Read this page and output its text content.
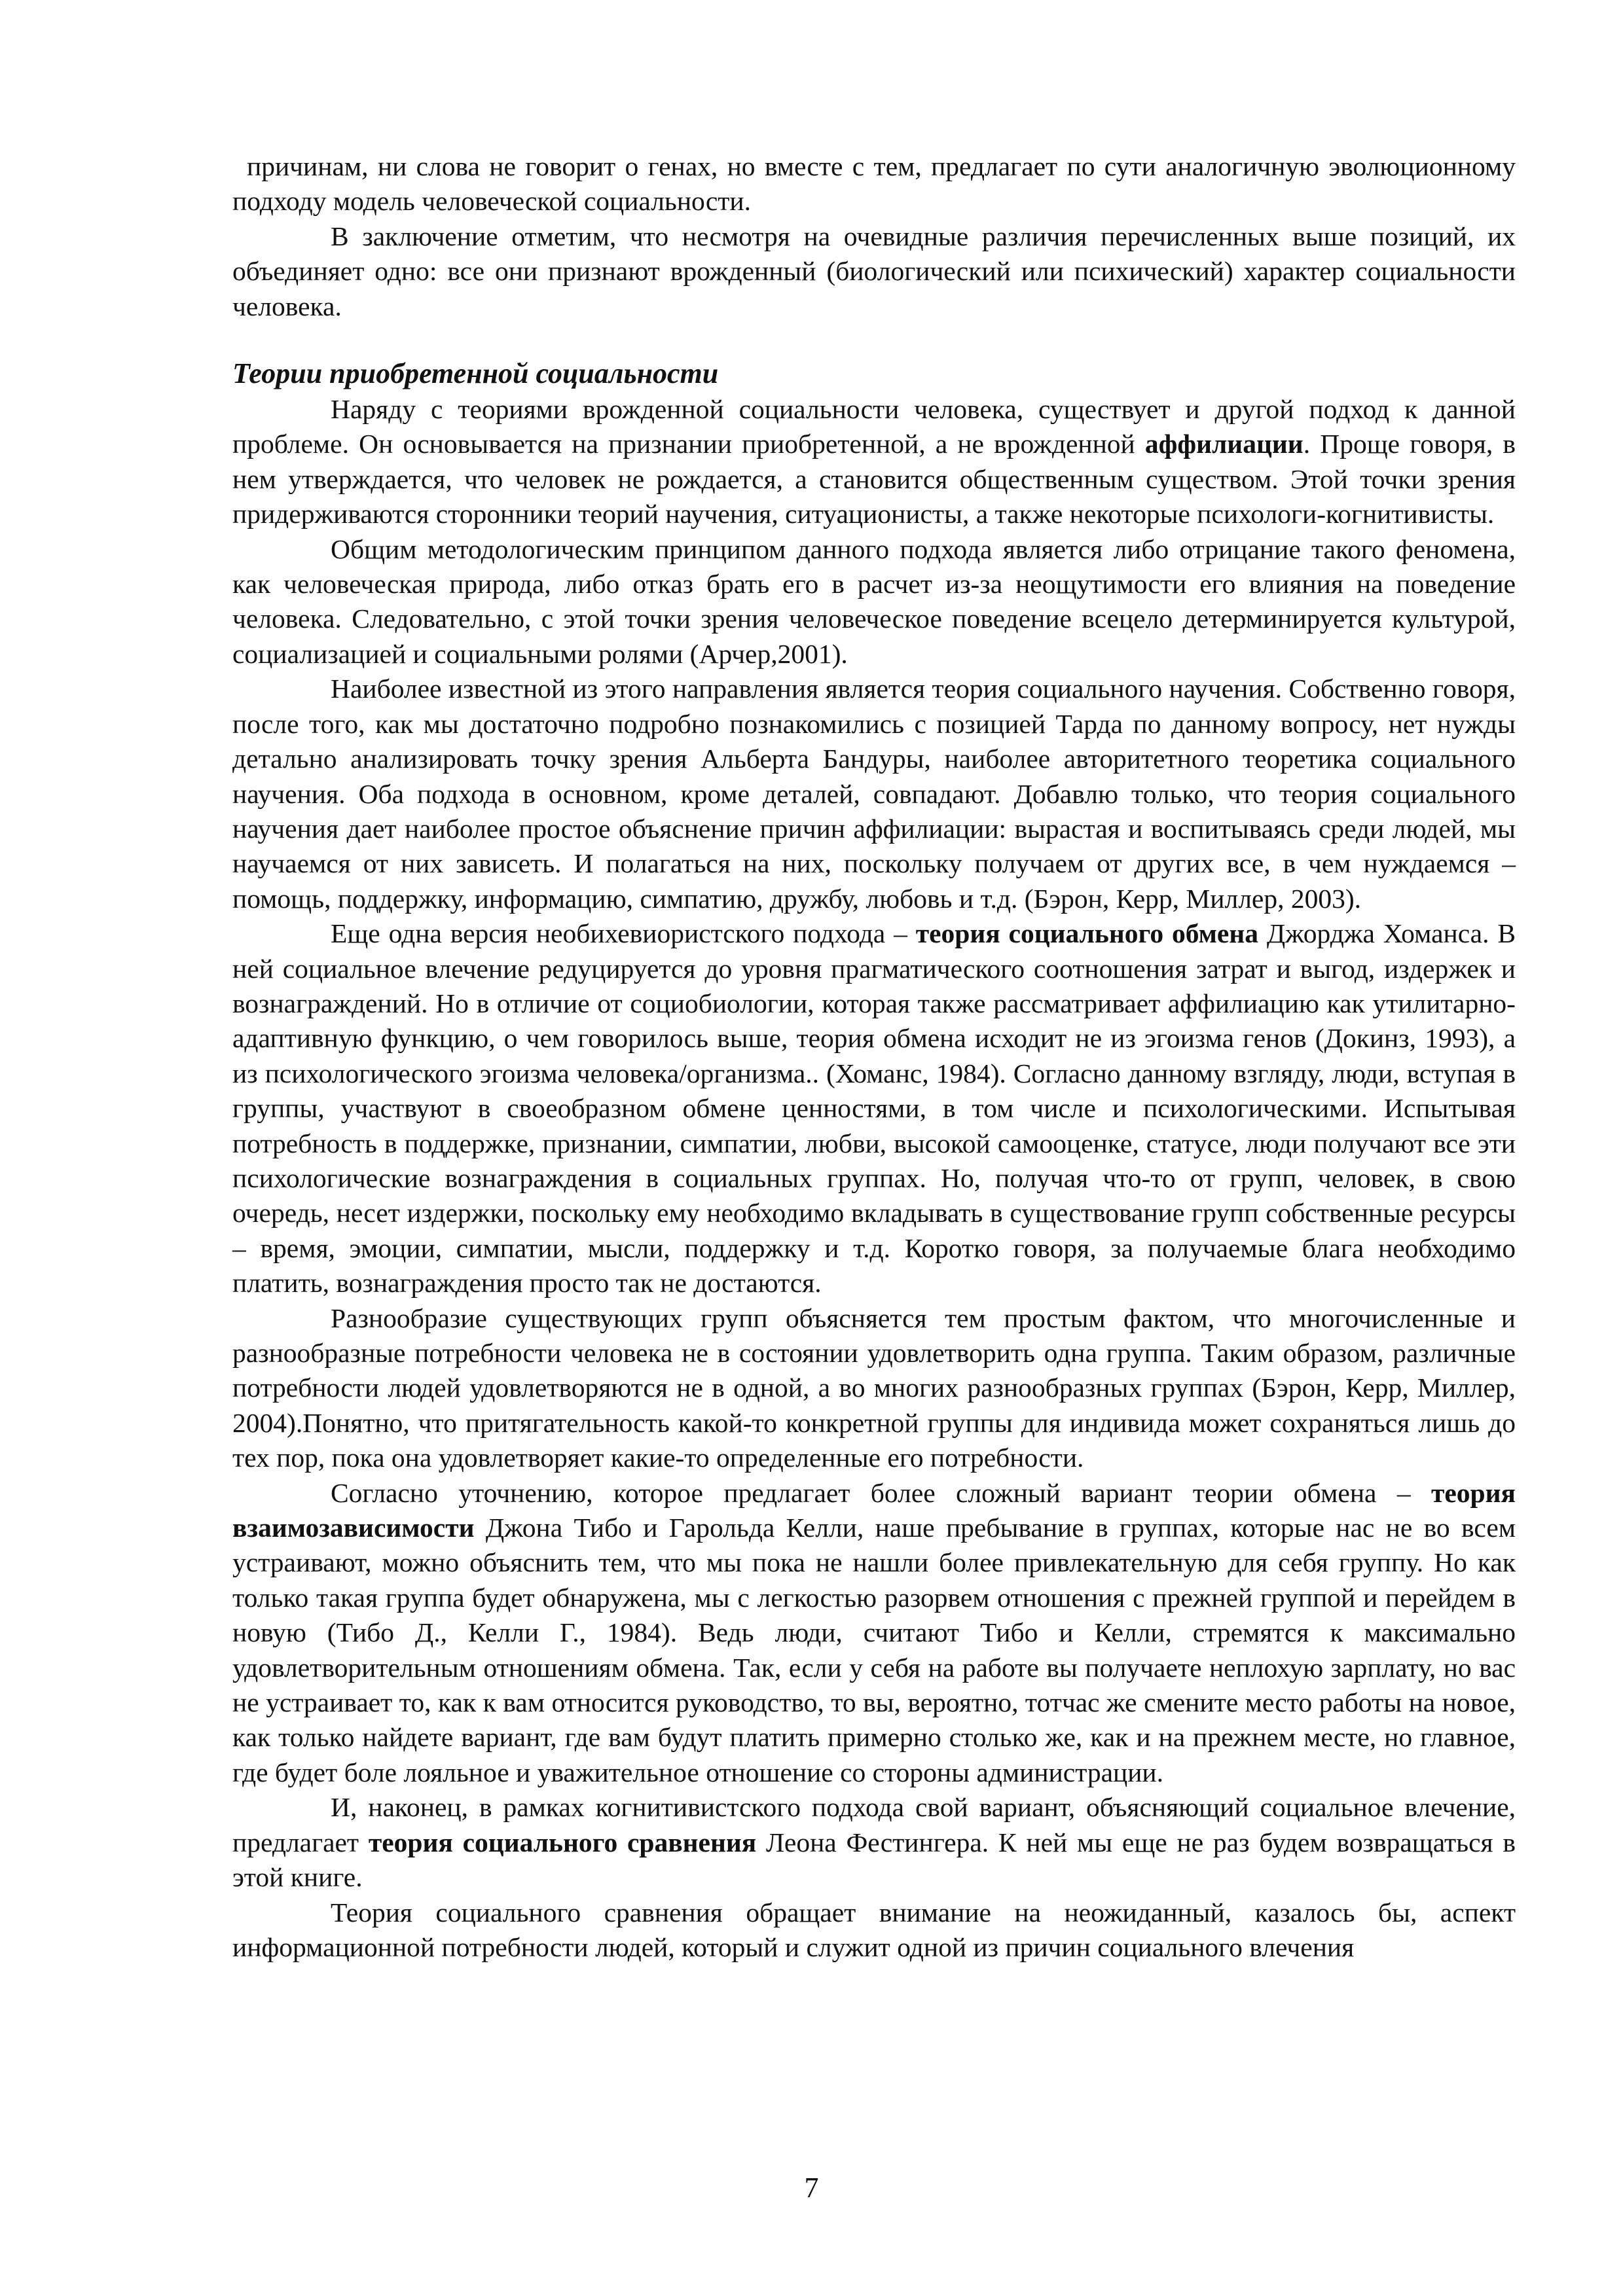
причинам, ни слова не говорит о генах, но вместе с тем, предлагает по сути аналогичную эволюционному подходу модель человеческой социальности.

В заключение отметим, что несмотря на очевидные различия перечисленных выше позиций, их объединяет одно: все они признают врожденный (биологический или психический) характер социальности человека.

Теории приобретенной социальности

Наряду с теориями врожденной социальности человека, существует и другой подход к данной проблеме. Он основывается на признании приобретенной, а не врожденной аффилиации. Проще говоря, в нем утверждается, что человек не рождается, а становится общественным существом. Этой точки зрения придерживаются сторонники теорий научения, ситуационисты, а также некоторые психологи-когнитивисты.

Общим методологическим принципом данного подхода является либо отрицание такого феномена, как человеческая природа, либо отказ брать его в расчет из-за неощутимости его влияния на поведение человека. Следовательно, с этой точки зрения человеческое поведение всецело детерминируется культурой, социализацией и социальными ролями (Арчер,2001).

Наиболее известной из этого направления является теория социального научения. Собственно говоря, после того, как мы достаточно подробно познакомились с позицией Тарда по данному вопросу, нет нужды детально анализировать точку зрения Альберта Бандуры, наиболее авторитетного теоретика социального научения. Оба подхода в основном, кроме деталей, совпадают. Добавлю только, что теория социального научения дает наиболее простое объяснение причин аффилиации: вырастая и воспитываясь среди людей, мы научаемся от них зависеть. И полагаться на них, поскольку получаем от других все, в чем нуждаемся – помощь, поддержку, информацию, симпатию, дружбу, любовь и т.д. (Бэрон, Керр, Миллер, 2003).

Еще одна версия необихевиористского подхода – теория социального обмена Джорджа Хоманса. В ней социальное влечение редуцируется до уровня прагматического соотношения затрат и выгод, издержек и вознаграждений. Но в отличие от социобиологии, которая также рассматривает аффилиацию как утилитарно-адаптивную функцию, о чем говорилось выше, теория обмена исходит не из эгоизма генов (Докинз, 1993), а из психологического эгоизма человека/организма.. (Хоманс, 1984). Согласно данному взгляду, люди, вступая в группы, участвуют в своеобразном обмене ценностями, в том числе и психологическими. Испытывая потребность в поддержке, признании, симпатии, любви, высокой самооценке, статусе, люди получают все эти психологические вознаграждения в социальных группах. Но, получая что-то от групп, человек, в свою очередь, несет издержки, поскольку ему необходимо вкладывать в существование групп собственные ресурсы – время, эмоции, симпатии, мысли, поддержку и т.д. Коротко говоря, за получаемые блага необходимо платить, вознаграждения просто так не достаются.

Разнообразие существующих групп объясняется тем простым фактом, что многочисленные и разнообразные потребности человека не в состоянии удовлетворить одна группа. Таким образом, различные потребности людей удовлетворяются не в одной, а во многих разнообразных группах (Бэрон, Керр, Миллер, 2004).Понятно, что притягательность какой-то конкретной группы для индивида может сохраняться лишь до тех пор, пока она удовлетворяет какие-то определенные его потребности.

Согласно уточнению, которое предлагает более сложный вариант теории обмена – теория взаимозависимости Джона Тибо и Гарольда Келли, наше пребывание в группах, которые нас не во всем устраивают, можно объяснить тем, что мы пока не нашли более привлекательную для себя группу. Но как только такая группа будет обнаружена, мы с легкостью разорвем отношения с прежней группой и перейдем в новую (Тибо Д., Келли Г., 1984). Ведь люди, считают Тибо и Келли, стремятся к максимально удовлетворительным отношениям обмена. Так, если у себя на работе вы получаете неплохую зарплату, но вас не устраивает то, как к вам относится руководство, то вы, вероятно, тотчас же смените место работы на новое, как только найдете вариант, где вам будут платить примерно столько же, как и на прежнем месте, но главное, где будет боле лояльное и уважительное отношение со стороны администрации.

И, наконец, в рамках когнитивистского подхода свой вариант, объясняющий социальное влечение, предлагает теория социального сравнения Леона Фестингера. К ней мы еще не раз будем возвращаться в этой книге.

Теория социального сравнения обращает внимание на неожиданный, казалось бы, аспект информационной потребности людей, который и служит одной из причин социального влечения

7
